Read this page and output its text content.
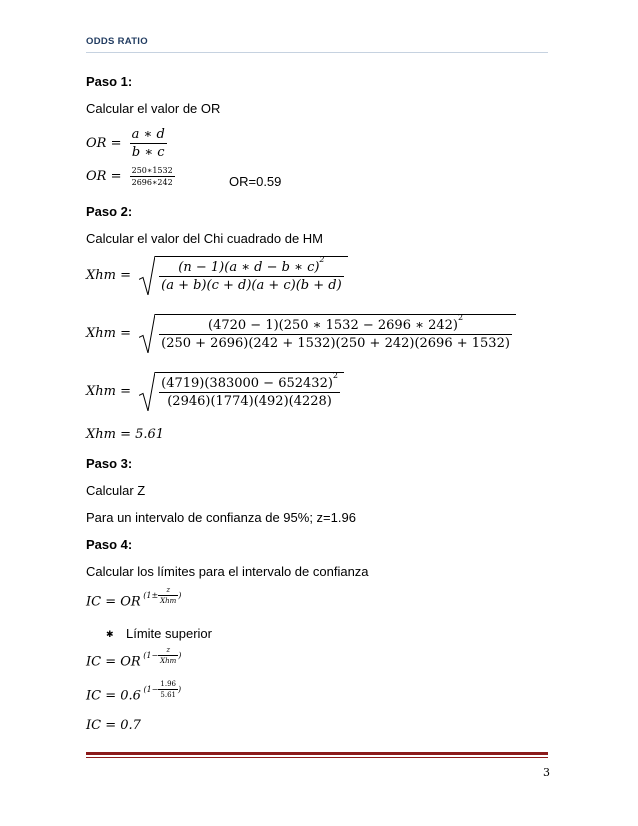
ODDS RATIO
Paso 1:
Calcular el valor de OR
OR = $\frac{a ∗ d}{b ∗ c}$
OR = $\frac{250∗1532}{2696∗242}$	OR=0.59
Paso 2:
Calcular el valor del Chi cuadrado de HM
Xhm = $\frac{(n - 1)(a ∗ d - b ∗ c)^2}{(a + b)(c + d)(a + c)(b + d)}$
Xhm = $\frac{(4720 - 1)(250 ∗ 1532 - 2696 ∗ 242)^2}{(250 + 2696)(242 + 1532)(250 + 242)(2696 + 1532)}$
Xhm = $\frac{(4719)(383000 - 652432)^2}{(2946)(1774)(492)(4228)}$
Xhm = 5.61
Paso 3:
Calcular Z
Para un intervalo de confianza de 95%; z=1.96
Paso 4:
Calcular los límites para el intervalo de confianza
IC = OR $^{(1\pm \frac{z}{\text{Xhm}} )}$
✱ Límite superior
IC = OR $^{(1- \frac{z}{\text{Xhm}} )}$
IC = 0.6 $^{(1- \frac{1.96}{5.61} )}$
IC = 0.7
3
